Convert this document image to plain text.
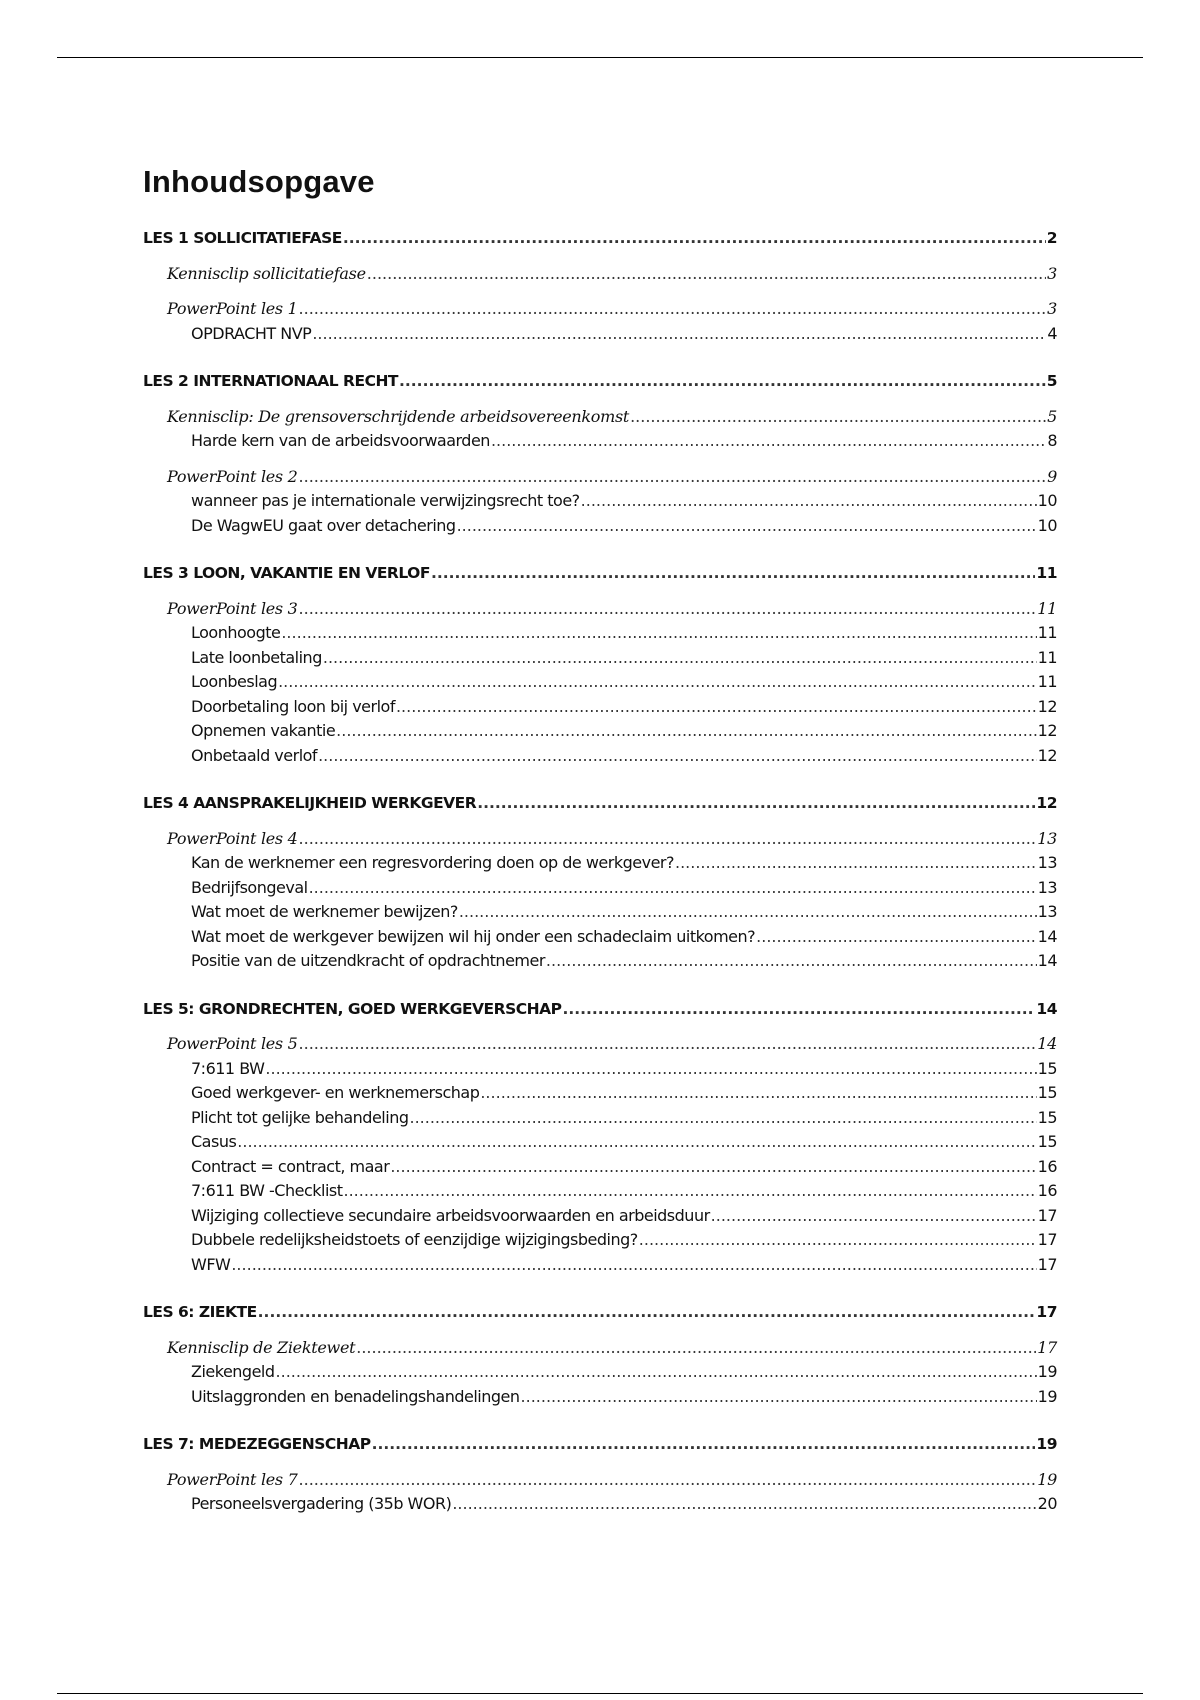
Inhoudsopgave
LES 1 SOLLICITATIEFASE .....	2
Kennisclip sollicitatiefase .....	3
PowerPoint les 1 .....	3
OPDRACHT NVP .....	4
LES 2 INTERNATIONAAL RECHT .....	5
Kennisclip: De grensoverschrijdende arbeidsovereenkomst .....	5
Harde kern van de arbeidsvoorwaarden .....	8
PowerPoint les 2 .....	9
wanneer pas je internationale verwijzingsrecht toe? .....	10
De WagwEU gaat over detachering .....	10
LES 3 LOON, VAKANTIE EN VERLOF .....	11
PowerPoint les 3 .....	11
Loonhoogte .....	11
Late loonbetaling .....	11
Loonbeslag .....	11
Doorbetaling loon bij verlof .....	12
Opnemen vakantie .....	12
Onbetaald verlof .....	12
LES 4 AANSPRAKELIJKHEID WERKGEVER .....	12
PowerPoint les 4 .....	13
Kan de werknemer een regresvordering doen op de werkgever? .....	13
Bedrijfsongeval .....	13
Wat moet de werknemer bewijzen? .....	13
Wat moet de werkgever bewijzen wil hij onder een schadeclaim uitkomen? .....	14
Positie van de uitzendkracht of opdrachtnemer .....	14
LES 5: GRONDRECHTEN, GOED WERKGEVERSCHAP .....	14
PowerPoint les 5 .....	14
7:611 BW .....	15
Goed werkgever- en werknemerschap .....	15
Plicht tot gelijke behandeling .....	15
Casus .....	15
Contract = contract, maar .....	16
7:611 BW -Checklist .....	16
Wijziging collectieve secundaire arbeidsvoorwaarden en arbeidsduur .....	17
Dubbele redelijksheidstoets of eenzijdige wijzigingsbeding? .....	17
WFW .....	17
LES 6: ZIEKTE .....	17
Kennisclip de Ziektewet .....	17
Ziekengeld .....	19
Uitslaggronden en benadelingshandelingen .....	19
LES 7: MEDEZEGGENSCHAP .....	19
PowerPoint les 7 .....	19
Personeelsvergadering (35b WOR) .....	20
